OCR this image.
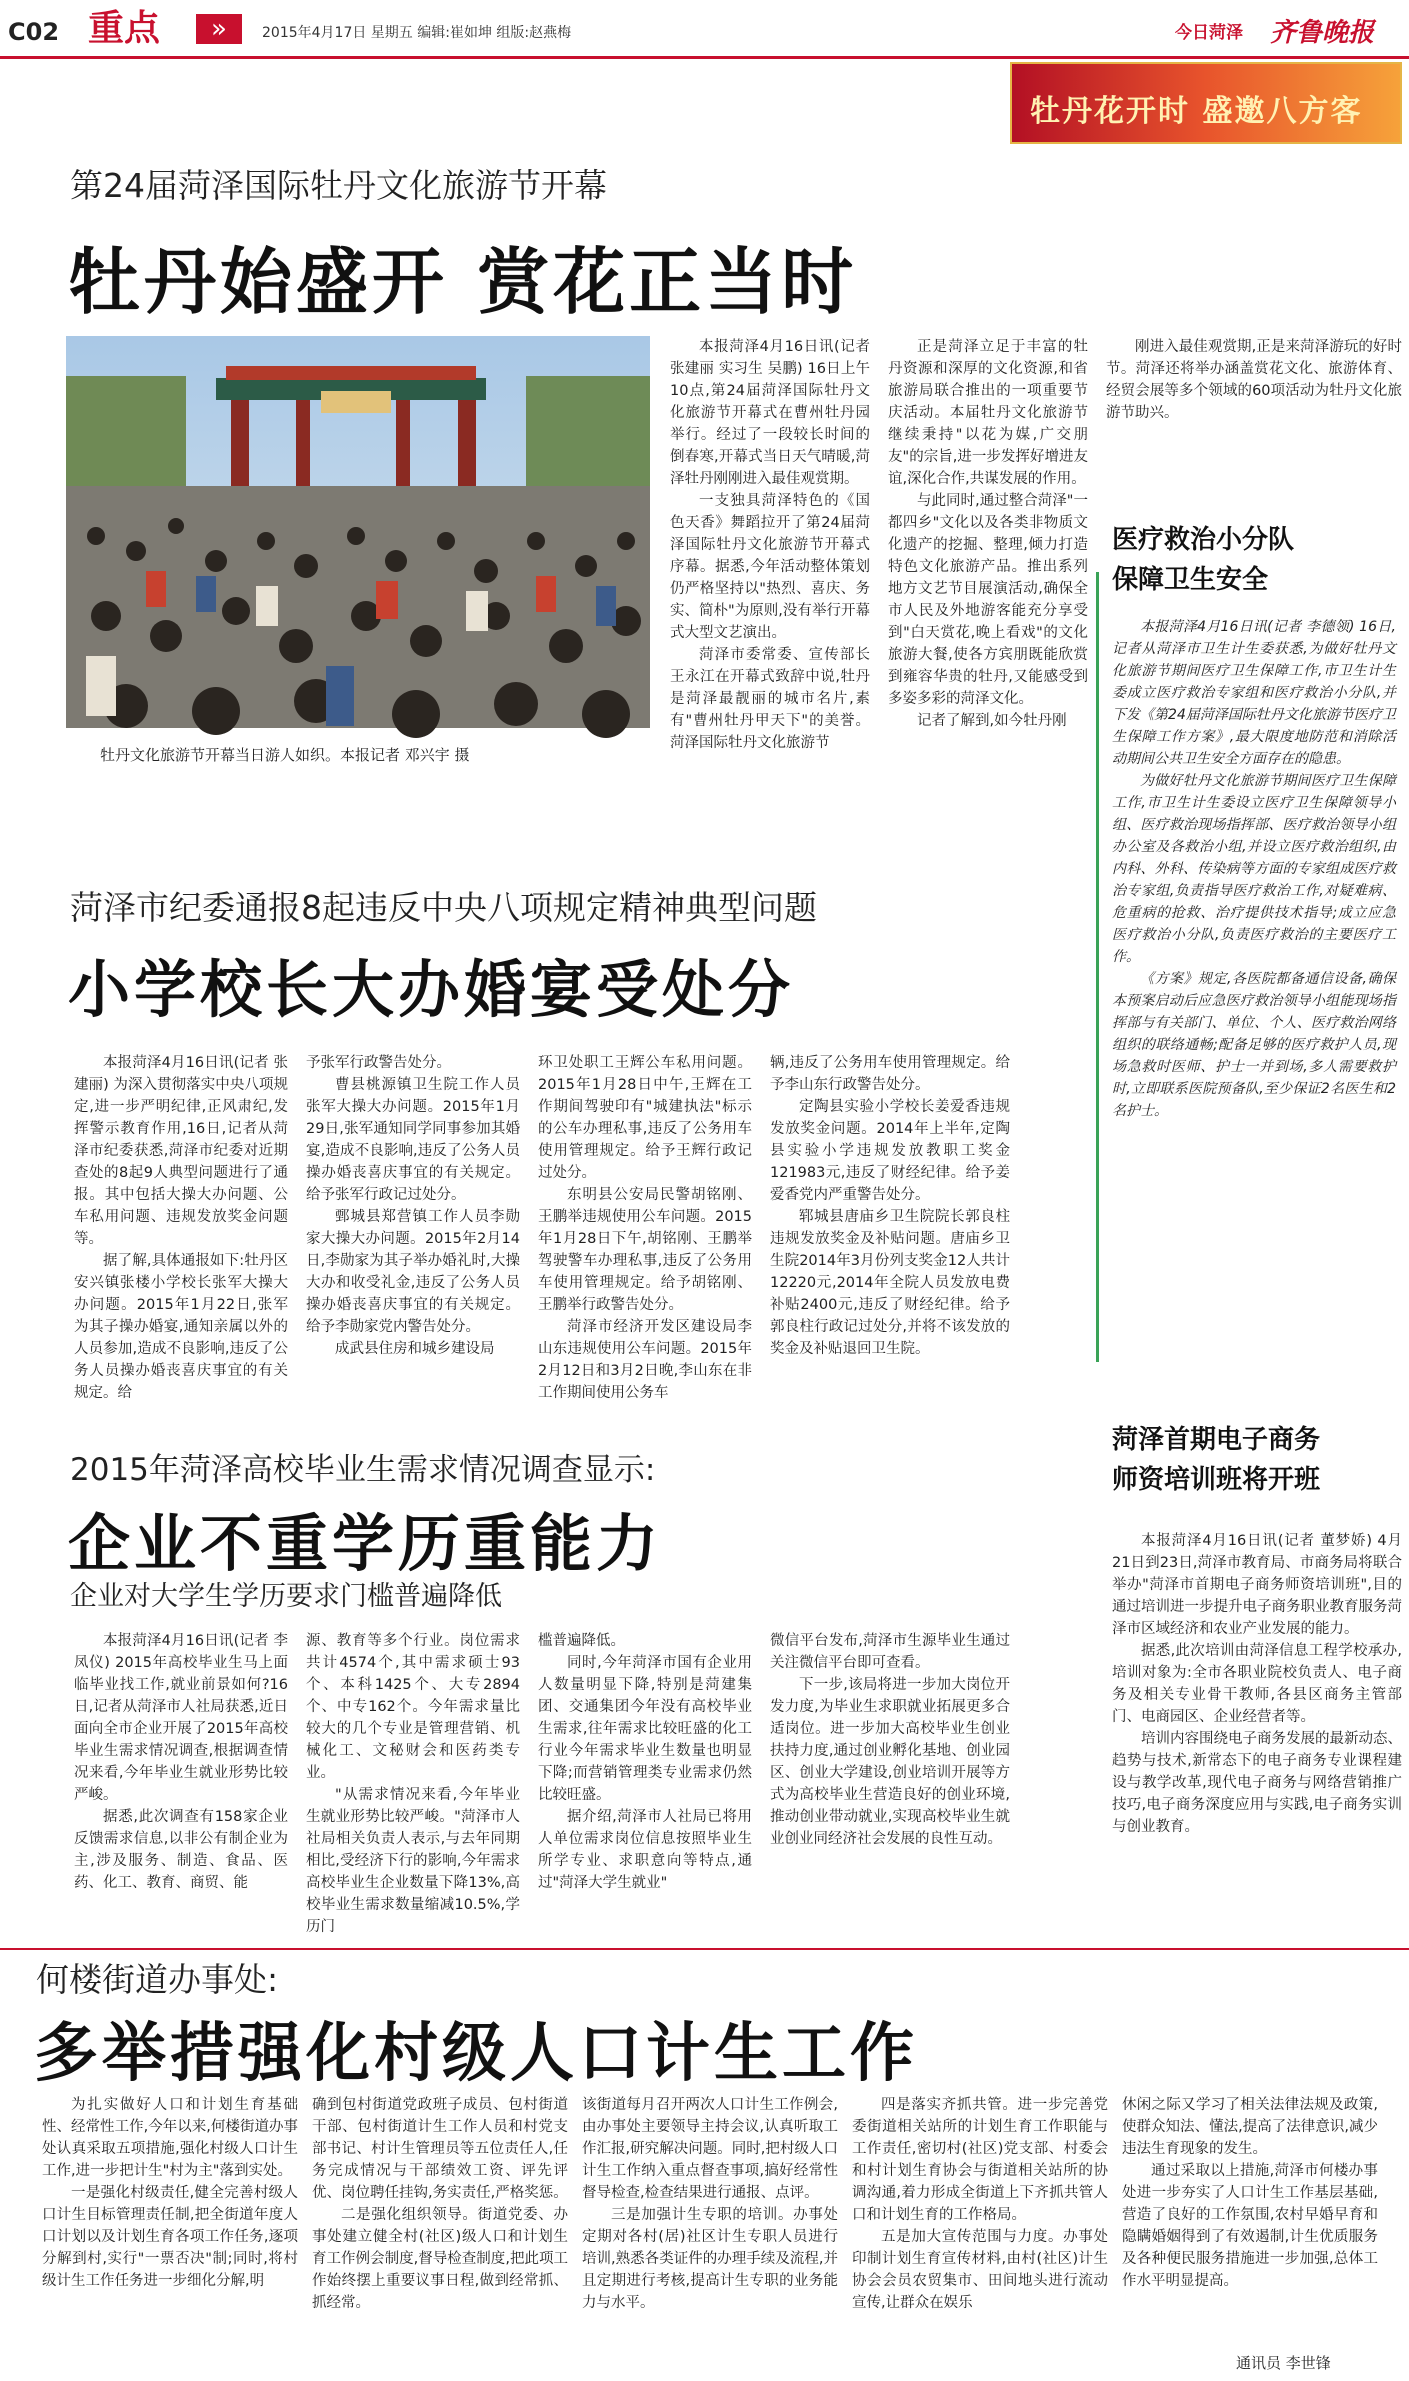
C02 重点	»	2015年4月17日 星期五 编辑:崔如坤 组版:赵燕梅	今日菏泽 齐鲁晚报
牡丹花开时 盛邀八方客
第24届菏泽国际牡丹文化旅游节开幕
牡丹始盛开 赏花正当时
牡丹文化旅游节开幕当日游人如织。本报记者 邓兴宇 摄

本报菏泽4月16日讯(记者 张建丽 实习生 吴鹏) 16日上午10点,第24届菏泽国际牡丹文化旅游节开幕式在曹州牡丹园举行。经过了一段较长时间的倒春寒,开幕式当日天气晴暖,菏泽牡丹刚刚进入最佳观赏期。

一支独具菏泽特色的《国色天香》舞蹈拉开了第24届菏泽国际牡丹文化旅游节开幕式序幕。据悉,今年活动整体策划仍严格坚持以"热烈、喜庆、务实、简朴"为原则,没有举行开幕式大型文艺演出。

菏泽市委常委、宣传部长王永江在开幕式致辞中说,牡丹是菏泽最靓丽的城市名片,素有"曹州牡丹甲天下"的美誉。菏泽国际牡丹文化旅游节

正是菏泽立足于丰富的牡丹资源和深厚的文化资源,和省旅游局联合推出的一项重要节庆活动。本届牡丹文化旅游节继续秉持"以花为媒,广交朋友"的宗旨,进一步发挥好增进友谊,深化合作,共谋发展的作用。

与此同时,通过整合菏泽"一都四乡"文化以及各类非物质文化遗产的挖掘、整理,倾力打造特色文化旅游产品。推出系列地方文艺节目展演活动,确保全市人民及外地游客能充分享受到"白天赏花,晚上看戏"的文化旅游大餐,使各方宾朋既能欣赏到雍容华贵的牡丹,又能感受到多姿多彩的菏泽文化。

记者了解到,如今牡丹刚

刚进入最佳观赏期,正是来菏泽游玩的好时节。菏泽还将举办涵盖赏花文化、旅游体育、经贸会展等多个领域的60项活动为牡丹文化旅游节助兴。

医疗救治小分队
保障卫生安全

本报菏泽4月16日讯(记者 李德领) 16日,记者从菏泽市卫生计生委获悉,为做好牡丹文化旅游节期间医疗卫生保障工作,市卫生计生委成立医疗救治专家组和医疗救治小分队,并下发《第24届菏泽国际牡丹文化旅游节医疗卫生保障工作方案》,最大限度地防范和消除活动期间公共卫生安全方面存在的隐患。

为做好牡丹文化旅游节期间医疗卫生保障工作,市卫生计生委设立医疗卫生保障领导小组、医疗救治现场指挥部、医疗救治领导小组办公室及各救治小组,并设立医疗救治组织,由内科、外科、传染病等方面的专家组成医疗救治专家组,负责指导医疗救治工作,对疑难病、危重病的抢救、治疗提供技术指导;成立应急医疗救治小分队,负责医疗救治的主要医疗工作。

《方案》规定,各医院都备通信设备,确保本预案启动后应急医疗救治领导小组能现场指挥部与有关部门、单位、个人、医疗救治网络组织的联络通畅;配备足够的医疗救护人员,现场急救时医师、护士一并到场,多人需要救护时,立即联系医院预备队,至少保证2名医生和2名护士。

菏泽市纪委通报8起违反中央八项规定精神典型问题
小学校长大办婚宴受处分

本报菏泽4月16日讯(记者 张建丽) 为深入贯彻落实中央八项规定,进一步严明纪律,正风肃纪,发挥警示教育作用,16日,记者从菏泽市纪委获悉,菏泽市纪委对近期查处的8起9人典型问题进行了通报。其中包括大操大办问题、公车私用问题、违规发放奖金问题等。

据了解,具体通报如下:牡丹区安兴镇张楼小学校长张军大操大办问题。2015年1月22日,张军为其子操办婚宴,通知亲属以外的人员参加,造成不良影响,违反了公务人员操办婚丧喜庆事宜的有关规定。给

予张军行政警告处分。

曹县桃源镇卫生院工作人员张军大操大办问题。2015年1月29日,张军通知同学同事参加其婚宴,造成不良影响,违反了公务人员操办婚丧喜庆事宜的有关规定。给予张军行政记过处分。

鄄城县郑营镇工作人员李勋家大操大办问题。2015年2月14日,李勋家为其子举办婚礼时,大操大办和收受礼金,违反了公务人员操办婚丧喜庆事宜的有关规定。给予李勋家党内警告处分。

成武县住房和城乡建设局

环卫处职工王辉公车私用问题。2015年1月28日中午,王辉在工作期间驾驶印有"城建执法"标示的公车办理私事,违反了公务用车使用管理规定。给予王辉行政记过处分。

东明县公安局民警胡铭刚、王鹏举违规使用公车问题。2015年1月28日下午,胡铭刚、王鹏举驾驶警车办理私事,违反了公务用车使用管理规定。给予胡铭刚、王鹏举行政警告处分。

菏泽市经济开发区建设局李山东违规使用公车问题。2015年2月12日和3月2日晚,李山东在非工作期间使用公务车

辆,违反了公务用车使用管理规定。给予李山东行政警告处分。

定陶县实验小学校长姜爱香违规发放奖金问题。2014年上半年,定陶县实验小学违规发放教职工奖金121983元,违反了财经纪律。给予姜爱香党内严重警告处分。

郓城县唐庙乡卫生院院长郭良柱违规发放奖金及补贴问题。唐庙乡卫生院2014年3月份列支奖金12人共计12220元,2014年全院人员发放电费补贴2400元,违反了财经纪律。给予郭良柱行政记过处分,并将不该发放的奖金及补贴退回卫生院。

菏泽首期电子商务
师资培训班将开班

本报菏泽4月16日讯(记者 董梦娇) 4月21日到23日,菏泽市教育局、市商务局将联合举办"菏泽市首期电子商务师资培训班",目的通过培训进一步提升电子商务职业教育服务菏泽市区域经济和农业产业发展的能力。

据悉,此次培训由菏泽信息工程学校承办,培训对象为:全市各职业院校负责人、电子商务及相关专业骨干教师,各县区商务主管部门、电商园区、企业经营者等。

培训内容围绕电子商务发展的最新动态、趋势与技术,新常态下的电子商务专业课程建设与教学改革,现代电子商务与网络营销推广技巧,电子商务深度应用与实践,电子商务实训与创业教育。

2015年菏泽高校毕业生需求情况调查显示:
企业不重学历重能力
企业对大学生学历要求门槛普遍降低

本报菏泽4月16日讯(记者 李凤仪) 2015年高校毕业生马上面临毕业找工作,就业前景如何?16日,记者从菏泽市人社局获悉,近日面向全市企业开展了2015年高校毕业生需求情况调查,根据调查情况来看,今年毕业生就业形势比较严峻。

据悉,此次调查有158家企业反馈需求信息,以非公有制企业为主,涉及服务、制造、食品、医药、化工、教育、商贸、能

源、教育等多个行业。岗位需求共计4574个,其中需求硕士93个、本科1425个、大专2894个、中专162个。今年需求量比较大的几个专业是管理营销、机械化工、文秘财会和医药类专业。

"从需求情况来看,今年毕业生就业形势比较严峻。"菏泽市人社局相关负责人表示,与去年同期相比,受经济下行的影响,今年需求高校毕业生企业数量下降13%,高校毕业生需求数量缩减10.5%,学历门

槛普遍降低。

同时,今年菏泽市国有企业用人数量明显下降,特别是菏建集团、交通集团今年没有高校毕业生需求,往年需求比较旺盛的化工行业今年需求毕业生数量也明显下降;而营销管理类专业需求仍然比较旺盛。

据介绍,菏泽市人社局已将用人单位需求岗位信息按照毕业生所学专业、求职意向等特点,通过"菏泽大学生就业"

微信平台发布,菏泽市生源毕业生通过关注微信平台即可查看。

下一步,该局将进一步加大岗位开发力度,为毕业生求职就业拓展更多合适岗位。进一步加大高校毕业生创业扶持力度,通过创业孵化基地、创业园区、创业大学建设,创业培训开展等方式为高校毕业生营造良好的创业环境,推动创业带动就业,实现高校毕业生就业创业同经济社会发展的良性互动。

何楼街道办事处:
多举措强化村级人口计生工作

为扎实做好人口和计划生育基础性、经常性工作,今年以来,何楼街道办事处认真采取五项措施,强化村级人口计生工作,进一步把计生"村为主"落到实处。

一是强化村级责任,健全完善村级人口计生目标管理责任制,把全街道年度人口计划以及计划生育各项工作任务,逐项分解到村,实行"一票否决"制;同时,将村级计生工作任务进一步细化分解,明

确到包村街道党政班子成员、包村街道干部、包村街道计生工作人员和村党支部书记、村计生管理员等五位责任人,任务完成情况与干部绩效工资、评先评优、岗位聘任挂钩,务实责任,严格奖惩。

二是强化组织领导。街道党委、办事处建立健全村(社区)级人口和计划生育工作例会制度,督导检查制度,把此项工作始终摆上重要议事日程,做到经常抓、抓经常。

该街道每月召开两次人口计生工作例会,由办事处主要领导主持会议,认真听取工作汇报,研究解决问题。同时,把村级人口计生工作纳入重点督查事项,搞好经常性督导检查,检查结果进行通报、点评。

三是加强计生专职的培训。办事处定期对各村(居)社区计生专职人员进行培训,熟悉各类证件的办理手续及流程,并且定期进行考核,提高计生专职的业务能力与水平。

四是落实齐抓共管。进一步完善党委街道相关站所的计划生育工作职能与工作责任,密切村(社区)党支部、村委会和村计划生育协会与街道相关站所的协调沟通,着力形成全街道上下齐抓共管人口和计划生育的工作格局。

五是加大宣传范围与力度。办事处印制计划生育宣传材料,由村(社区)计生协会会员农贸集市、田间地头进行流动宣传,让群众在娱乐

休闲之际又学习了相关法律法规及政策,使群众知法、懂法,提高了法律意识,减少违法生育现象的发生。

通过采取以上措施,菏泽市何楼办事处进一步夯实了人口计生工作基层基础,营造了良好的工作氛围,农村早婚早育和隐瞒婚姻得到了有效遏制,计生优质服务及各种便民服务措施进一步加强,总体工作水平明显提高。

通讯员 李世锋
